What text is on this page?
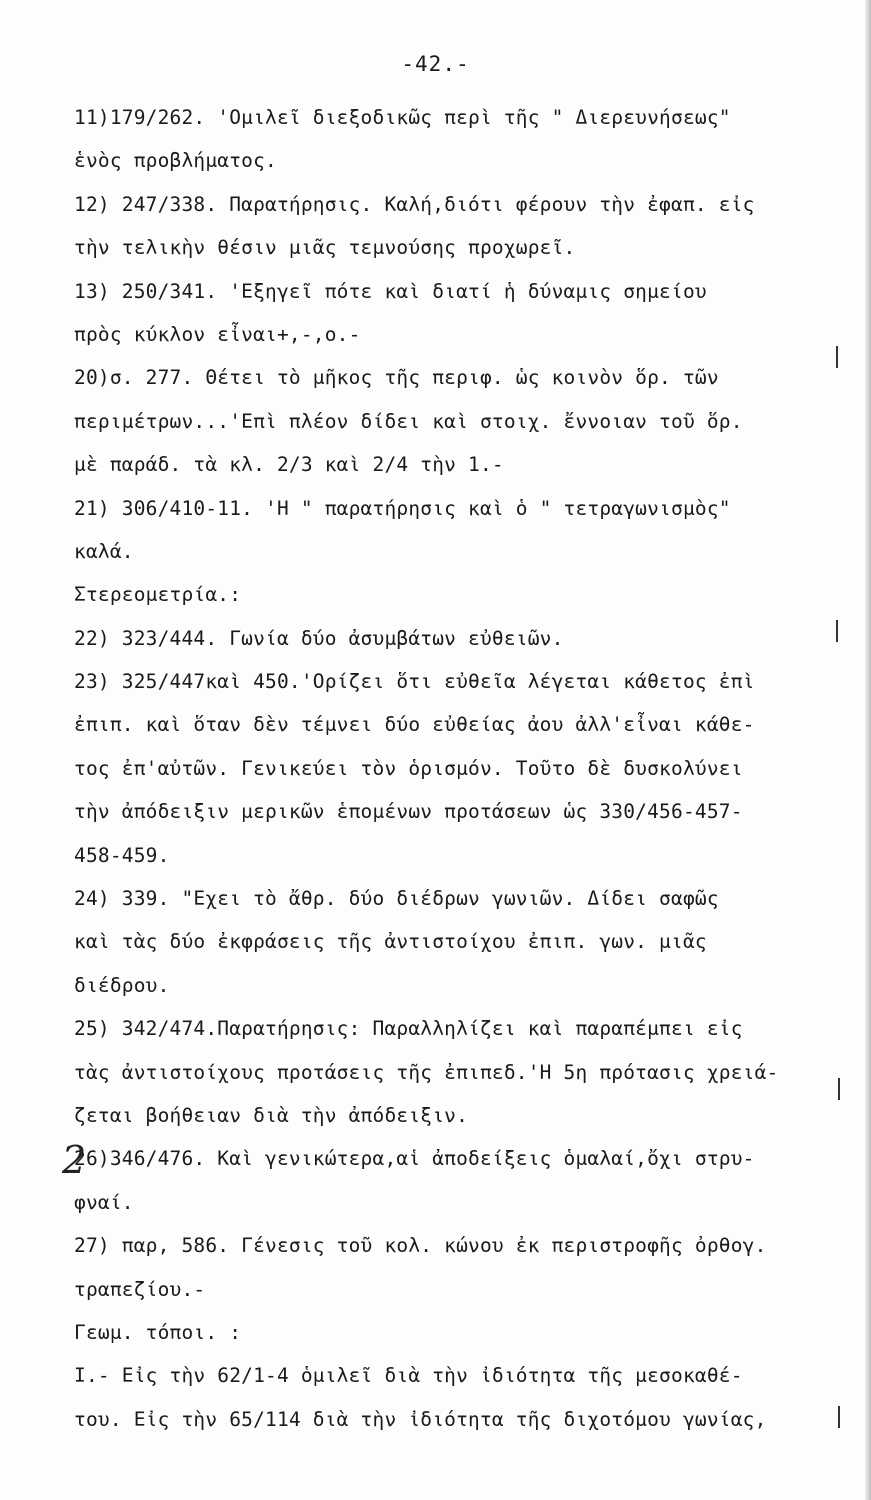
-42.-
11)179/262. 'Ομιλεῖ διεξοδικῶς περὶ τῆς " Διερευνήσεως"
ἑνὸς προβλήματος.
12) 247/338. Παρατήρησις. Καλή,διότι φέρουν τὴν ἐφαπ. εἰς
τὴν τελικὴν θέσιν μιᾶς τεμνούσης προχωρεῖ.
13) 250/341. 'Εξηγεῖ πότε καὶ διατί ἡ δύναμις σημείου
πρὸς κύκλον εἶναι+,-,ο.-
20)σ. 277. Θέτει τὸ μῆκος τῆς περιφ. ὡς κοινὸν ὅρ. τῶν
περιμέτρων...'Επὶ πλέον δίδει καὶ στοιχ. ἔννοιαν τοῦ ὅρ.
μὲ παράδ. τὰ κλ. 2/3 καὶ 2/4 τὴν 1.-
21) 306/410-11. 'Η " παρατήρησις καὶ ὁ " τετραγωνισμὸς"
καλά.
Στερεομετρία.:
22) 323/444. Γωνία δύο ἀσυμβάτων εὐθειῶν.
23) 325/447καὶ 450.'Ορίζει ὅτι εὐθεῖα λέγεται κάθετος ἐπὶ
ἐπιπ. καὶ ὅταν δὲν τέμνει δύο εὐθείας ἀου ἀλλ'εἶναι κάθε-
τος ἐπ'αὐτῶν. Γενικεύει τὸν ὁρισμόν. Τοῦτο δὲ δυσκολύνει
τὴν ἀπόδειξιν μερικῶν ἑπομένων προτάσεων ὡς 330/456-457-
458-459.
24) 339. "Εχει τὸ ἄθρ. δύο διέδρων γωνιῶν. Δίδει σαφῶς
καὶ τὰς δύο ἐκφράσεις τῆς ἀντιστοίχου ἐπιπ. γων. μιᾶς
διέδρου.
25) 342/474.Παρατήρησις: Παραλληλίζει καὶ παραπέμπει εἰς
τὰς ἀντιστοίχους προτάσεις τῆς ἐπιπεδ.'Η 5η πρότασις χρειά-
ζεται βοήθειαν διὰ τὴν ἀπόδειξιν.
26)346/476. Καὶ γενικώτερα,αἱ ἀποδείξεις ὁμαλαί,ὄχι στρυ-
φναί.
27) παρ, 586. Γένεσις τοῦ κολ. κώνου ἐκ περιστροφῆς ὀρθογ.
τραπεζίου.-
Γεωμ. τόποι. :
Ι.- Εἰς τὴν 62/1-4 ὁμιλεῖ διὰ τὴν ἰδιότητα τῆς μεσοκαθέ-
του. Εἰς τὴν 65/114 διὰ τὴν ἰδιότητα τῆς διχοτόμου γωνίας,
2
